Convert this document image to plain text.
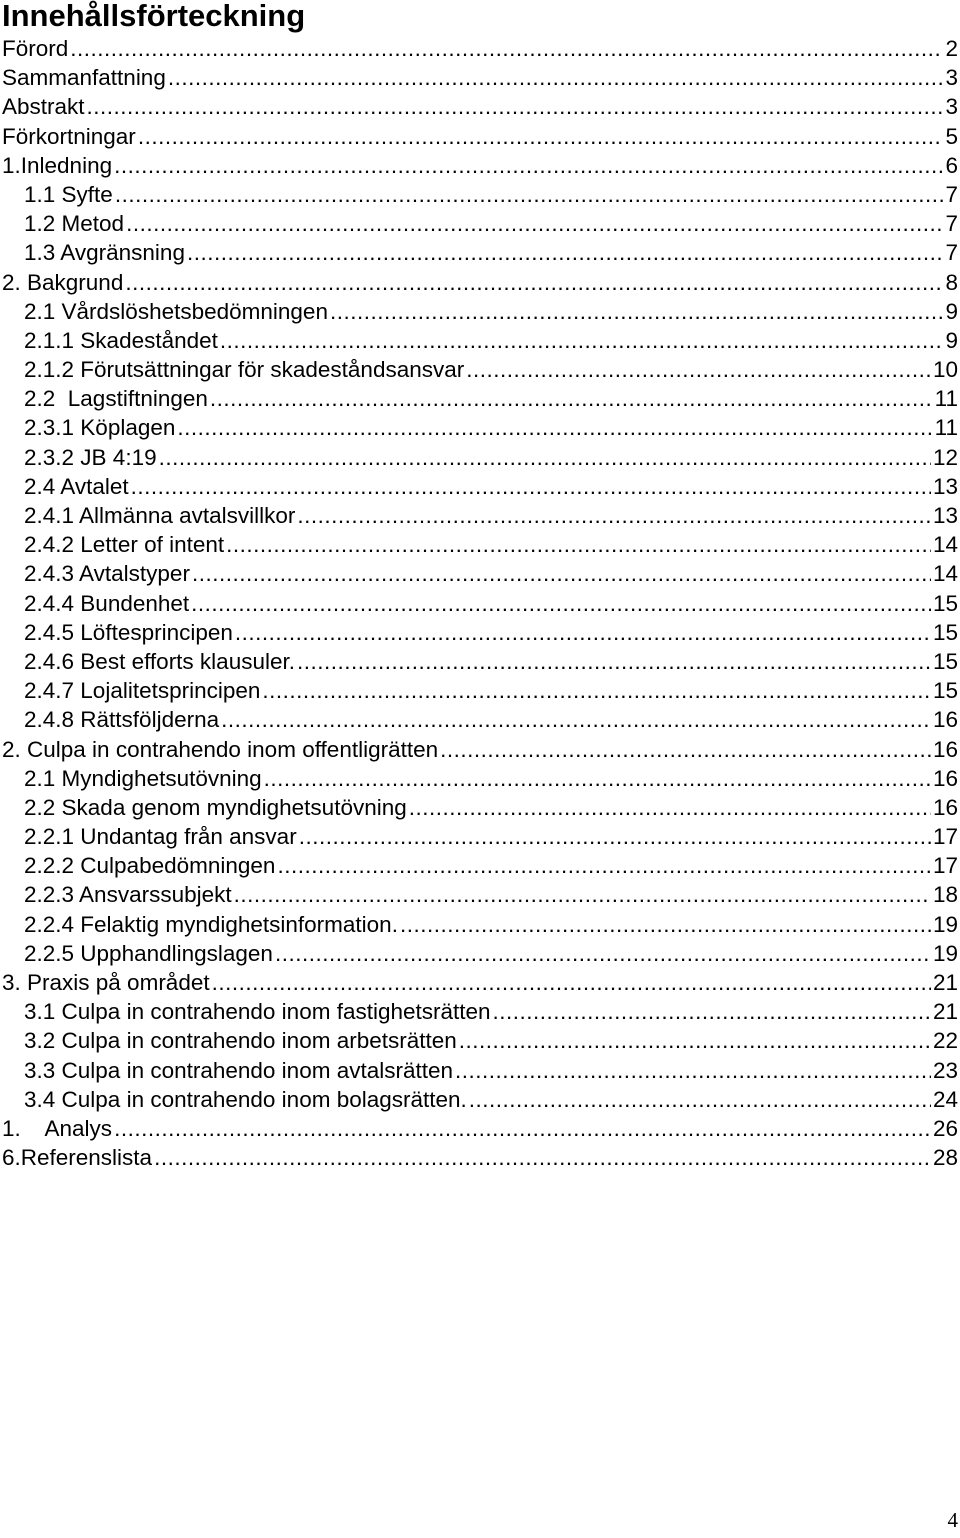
Innehållsförteckning
Förord .....	2
Sammanfattning .....	3
Abstrakt .....	3
Förkortningar .....	5
1.Inledning .....	6
1.1 Syfte .....	7
1.2 Metod .....	7
1.3 Avgränsning .....	7
2. Bakgrund .....	8
2.1 Vårdslöshetsbedömningen .....	9
2.1.1 Skadeståndet .....	9
2.1.2 Förutsättningar för skadeståndsansvar .....	10
2.2  Lagstiftningen .....	11
2.3.1 Köplagen .....	11
2.3.2 JB 4:19 .....	12
2.4 Avtalet .....	13
2.4.1 Allmänna avtalsvillkor .....	13
2.4.2 Letter of intent .....	14
2.4.3 Avtalstyper .....	14
2.4.4 Bundenhet .....	15
2.4.5 Löftesprincipen .....	15
2.4.6 Best efforts klausuler. .....	15
2.4.7 Lojalitetsprincipen .....	15
2.4.8 Rättsföljderna .....	16
2. Culpa in contrahendo inom offentligrätten .....	16
2.1 Myndighetsutövning .....	16
2.2 Skada genom myndighetsutövning .....	16
2.2.1 Undantag från ansvar .....	17
2.2.2 Culpabedömningen .....	17
2.2.3 Ansvarssubjekt .....	18
2.2.4 Felaktig myndighetsinformation. .....	19
2.2.5 Upphandlingslagen .....	19
3. Praxis på området .....	21
3.1 Culpa in contrahendo inom fastighetsrätten .....	21
3.2 Culpa in contrahendo inom arbetsrätten .....	22
3.3 Culpa in contrahendo inom avtalsrätten .....	23
3.4 Culpa in contrahendo inom bolagsrätten. .....	24
1.    Analys .....	26
6.Referenslista .....	28
4
